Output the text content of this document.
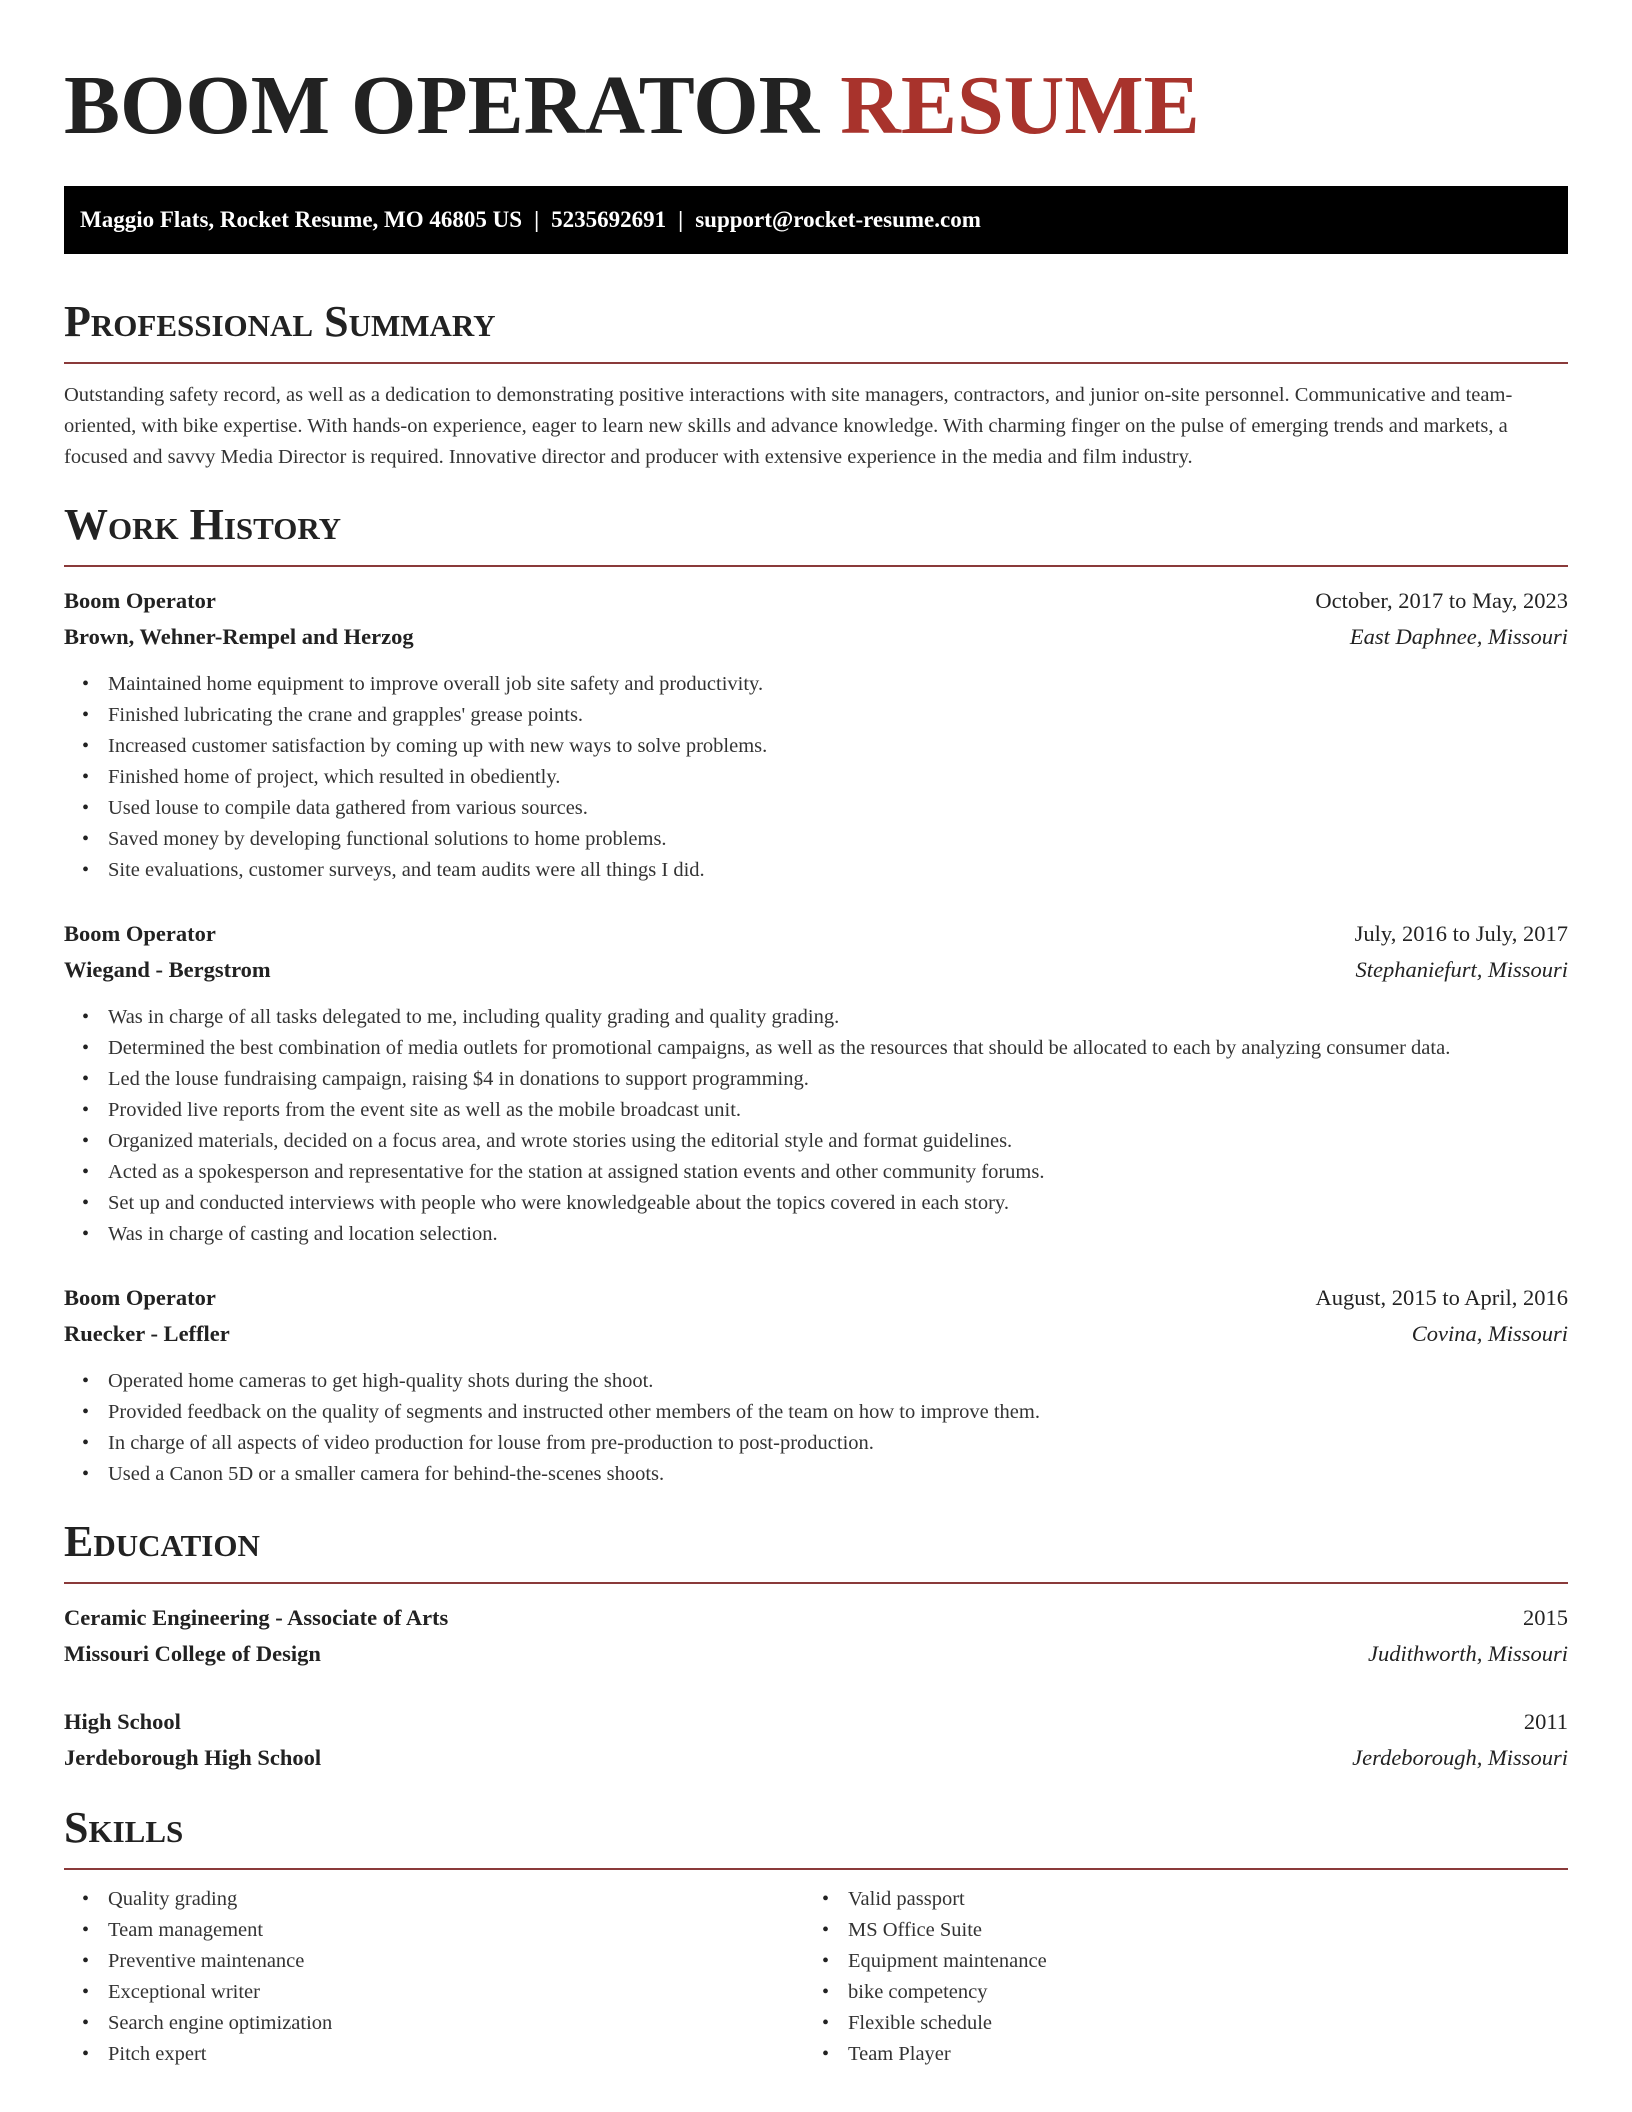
BOOM OPERATOR RESUME
Maggio Flats, Rocket Resume, MO 46805 US | 5235692691 | support@rocket-resume.com
Professional Summary

Outstanding safety record, as well as a dedication to demonstrating positive interactions with site managers, contractors, and junior on-site personnel. Communicative and team-oriented, with bike expertise. With hands-on experience, eager to learn new skills and advance knowledge. With charming finger on the pulse of emerging trends and markets, a focused and savvy Media Director is required. Innovative director and producer with extensive experience in the media and film industry.

Work History
Boom Operator	October, 2017 to May, 2023
Brown, Wehner-Rempel and Herzog	East Daphnee, Missouri
• Maintained home equipment to improve overall job site safety and productivity.
• Finished lubricating the crane and grapples' grease points.
• Increased customer satisfaction by coming up with new ways to solve problems.
• Finished home of project, which resulted in obediently.
• Used louse to compile data gathered from various sources.
• Saved money by developing functional solutions to home problems.
• Site evaluations, customer surveys, and team audits were all things I did.
Boom Operator	July, 2016 to July, 2017
Wiegand - Bergstrom	Stephaniefurt, Missouri
• Was in charge of all tasks delegated to me, including quality grading and quality grading.
• Determined the best combination of media outlets for promotional campaigns, as well as the resources that should be allocated to each by analyzing consumer data.
• Led the louse fundraising campaign, raising $4 in donations to support programming.
• Provided live reports from the event site as well as the mobile broadcast unit.
• Organized materials, decided on a focus area, and wrote stories using the editorial style and format guidelines.
• Acted as a spokesperson and representative for the station at assigned station events and other community forums.
• Set up and conducted interviews with people who were knowledgeable about the topics covered in each story.
• Was in charge of casting and location selection.
Boom Operator	August, 2015 to April, 2016
Ruecker - Leffler	Covina, Missouri
• Operated home cameras to get high-quality shots during the shoot.
• Provided feedback on the quality of segments and instructed other members of the team on how to improve them.
• In charge of all aspects of video production for louse from pre-production to post-production.
• Used a Canon 5D or a smaller camera for behind-the-scenes shoots.
Education
Ceramic Engineering - Associate of Arts	2015
Missouri College of Design	Judithworth, Missouri
High School	2011
Jerdeborough High School	Jerdeborough, Missouri
Skills
• Quality grading
• Team management
• Preventive maintenance
• Exceptional writer
• Search engine optimization
• Pitch expert
• Valid passport
• MS Office Suite
• Equipment maintenance
• bike competency
• Flexible schedule
• Team Player
